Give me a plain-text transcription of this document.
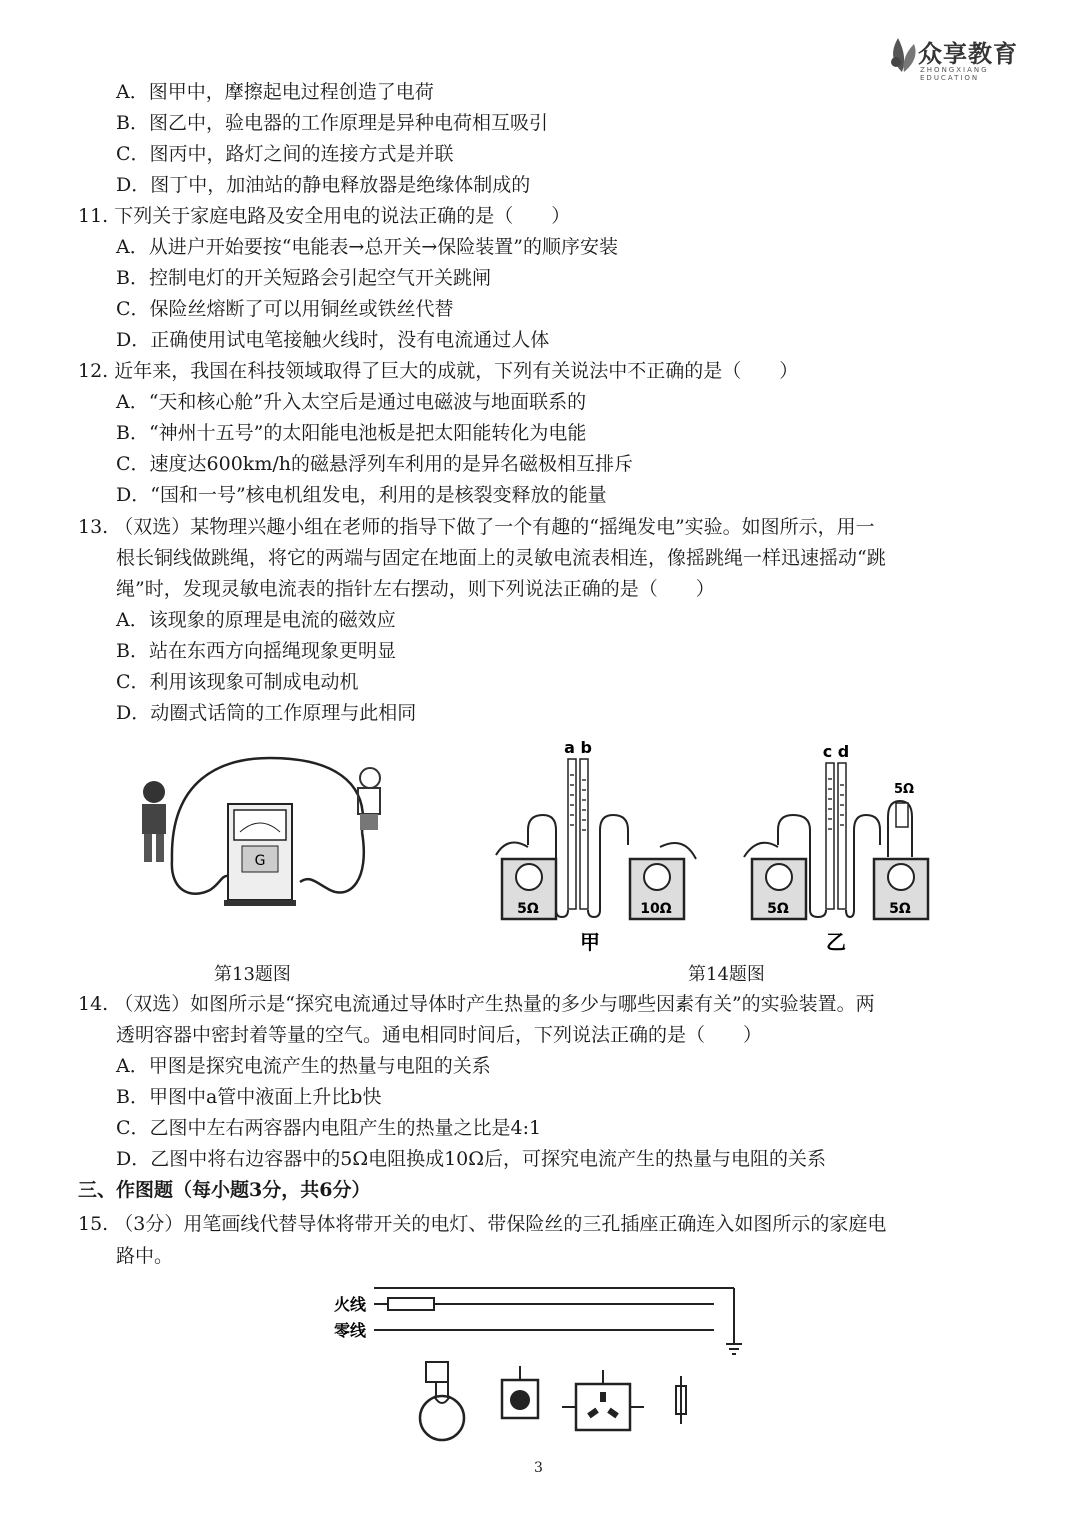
众享教育
ZHONGXIANG EDUCATION
A．图甲中，摩擦起电过程创造了电荷
B．图乙中，验电器的工作原理是异种电荷相互吸引
C．图丙中，路灯之间的连接方式是并联
D．图丁中，加油站的静电释放器是绝缘体制成的
11. 下列关于家庭电路及安全用电的说法正确的是（　　）
A．从进户开始要按“电能表→总开关→保险装置”的顺序安装
B．控制电灯的开关短路会引起空气开关跳闸
C．保险丝熔断了可以用铜丝或铁丝代替
D．正确使用试电笔接触火线时，没有电流通过人体
12. 近年来，我国在科技领域取得了巨大的成就，下列有关说法中不正确的是（　　）
A．“天和核心舱”升入太空后是通过电磁波与地面联系的
B．“神州十五号”的太阳能电池板是把太阳能转化为电能
C．速度达600km/h的磁悬浮列车利用的是异名磁极相互排斥
D．“国和一号”核电机组发电，利用的是核裂变释放的能量
13. （双选）某物理兴趣小组在老师的指导下做了一个有趣的“摇绳发电”实验。如图所示，用一
根长铜线做跳绳，将它的两端与固定在地面上的灵敏电流表相连，像摇跳绳一样迅速摇动“跳
绳”时，发现灵敏电流表的指针左右摆动，则下列说法正确的是（　　）
A．该现象的原理是电流的磁效应
B．站在东西方向摇绳现象更明显
C．利用该现象可制成电动机
D．动圈式话筒的工作原理与此相同
G
第13题图
a b
5Ω	10Ω
甲
c d
5Ω
5Ω	5Ω
乙
第14题图
14. （双选）如图所示是“探究电流通过导体时产生热量的多少与哪些因素有关”的实验装置。两
透明容器中密封着等量的空气。通电相同时间后，下列说法正确的是（　　）
A．甲图是探究电流产生的热量与电阻的关系
B．甲图中a管中液面上升比b快
C．乙图中左右两容器内电阻产生的热量之比是4:1
D．乙图中将右边容器中的5Ω电阻换成10Ω后，可探究电流产生的热量与电阻的关系
三、作图题（每小题3分，共6分）
15. （3分）用笔画线代替导体将带开关的电灯、带保险丝的三孔插座正确连入如图所示的家庭电
路中。
火线
零线
3
